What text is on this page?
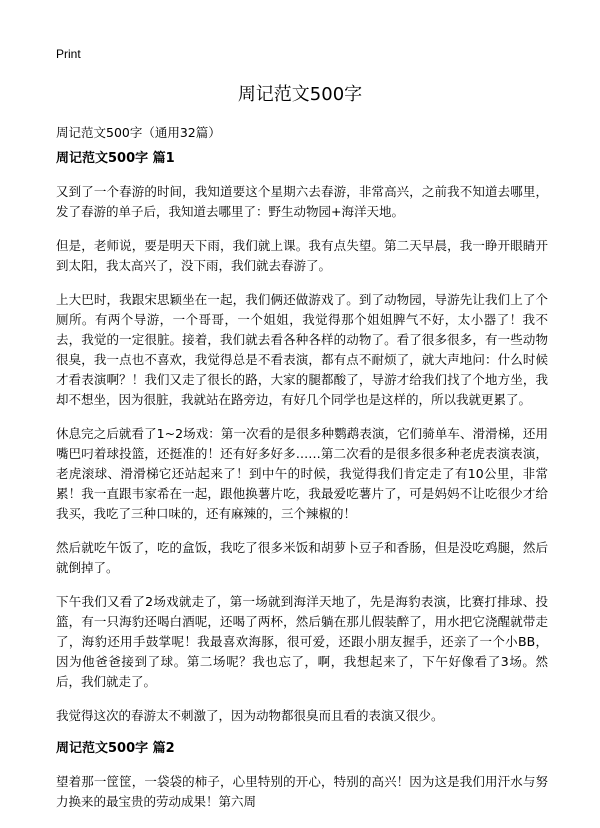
Print
周记范文500字

周记范文500字（通用32篇）

周记范文500字 篇1

又到了一个春游的时间，我知道要这个星期六去春游，非常高兴，之前我不知道去哪里，发了春游的单子后，我知道去哪里了：野生动物园+海洋天地。

但是，老师说，要是明天下雨，我们就上课。我有点失望。第二天早晨，我一睁开眼睛开到太阳，我太高兴了，没下雨，我们就去春游了。

上大巴时，我跟宋思颖坐在一起，我们俩还做游戏了。到了动物园，导游先让我们上了个厕所。有两个导游，一个哥哥，一个姐姐，我觉得那个姐姐脾气不好，太小器了！我不去，我觉的一定很脏。接着，我们就去看各种各样的动物了。看了很多很多，有一些动物很臭，我一点也不喜欢，我觉得总是不看表演，都有点不耐烦了，就大声地问：什么时候才看表演啊？！我们又走了很长的路，大家的腿都酸了，导游才给我们找了个地方坐，我却不想坐，因为很脏，我就站在路旁边，有好几个同学也是这样的，所以我就更累了。

休息完之后就看了1~2场戏：第一次看的是很多种鹦鹉表演，它们骑单车、滑滑梯，还用嘴巴叼着球投篮，还挺准的！还有好多好多……第二次看的是很多很多种老虎表演表演，老虎滚球、滑滑梯它还站起来了！到中午的时候，我觉得我们肯定走了有10公里，非常累！我一直跟韦家希在一起，跟他换薯片吃，我最爱吃薯片了，可是妈妈不让吃很少才给我买，我吃了三种口味的，还有麻辣的，三个辣椒的！

然后就吃午饭了，吃的盒饭，我吃了很多米饭和胡萝卜豆子和香肠，但是没吃鸡腿，然后就倒掉了。

下午我们又看了2场戏就走了，第一场就到海洋天地了，先是海豹表演，比赛打排球、投篮，有一只海豹还喝白酒呢，还喝了两杯，然后躺在那儿假装醉了，用水把它浇醒就带走了，海豹还用手鼓掌呢！我最喜欢海豚，很可爱，还跟小朋友握手，还亲了一个小BB，因为他爸爸接到了球。第二场呢？我也忘了，啊，我想起来了，下午好像看了3场。然后，我们就走了。

我觉得这次的春游太不刺激了，因为动物都很臭而且看的表演又很少。

周记范文500字 篇2

望着那一筐筐，一袋袋的柿子，心里特别的开心，特别的高兴！因为这是我们用汗水与努力换来的最宝贵的劳动成果！第六周
